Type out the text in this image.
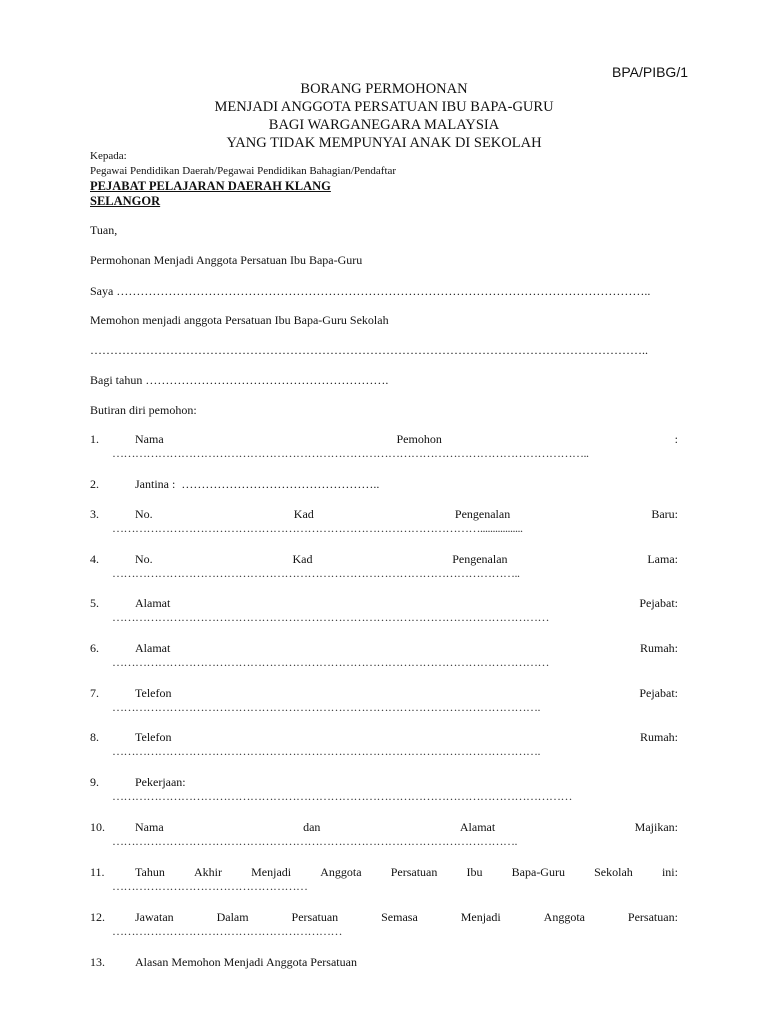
BPA/PIBG/1
BORANG PERMOHONAN
MENJADI ANGGOTA PERSATUAN IBU BAPA-GURU
BAGI WARGANEGARA MALAYSIA
YANG TIDAK MEMPUNYAI ANAK DI SEKOLAH
Kepada:
Pegawai Pendidikan Daerah/Pegawai Pendidikan Bahagian/Pendaftar
PEJABAT PELAJARAN DAERAH KLANG
SELANGOR
Tuan,
Permohonan Menjadi Anggota Persatuan Ibu Bapa-Guru
Saya ……………………………………………………………………………………………………………………..
Memohon menjadi anggota Persatuan Ibu Bapa-Guru Sekolah
…………………………………………………………………………………………………………………………..
Bagi tahun …………………………………………………….
Butiran diri pemohon:
1.	Nama	Pemohon	:
……………………………………………………………………………………………………………..
2.	Jantina : …………………………………………..
3.	No.	Kad	Pengenalan	Baru:
…………………………………………………………………………………….................
4.	No.	Kad	Pengenalan	Lama:
……………………………………………………………………………………………..
5.	Alamat	Pejabat:
……………………………………………………………………………………………………
6.	Alamat	Rumah:
……………………………………………………………………………………………………
7.	Telefon	Pejabat:
………………………………………………………………………………………………….
8.	Telefon	Rumah:
………………………………………………………………………………………………….
9.	Pekerjaan:
…………………………………………………………………………………………………………
10.	Nama	dan	Alamat	Majikan:
…………………………………………………………………………………………….
11.	Tahun Akhir Menjadi Anggota Persatuan Ibu Bapa-Guru Sekolah ini:
……………………………………………
12.	Jawatan	Dalam	Persatuan	Semasa	Menjadi	Anggota	Persatuan:
……………………………………………………
13.	Alasan Memohon Menjadi Anggota Persatuan
